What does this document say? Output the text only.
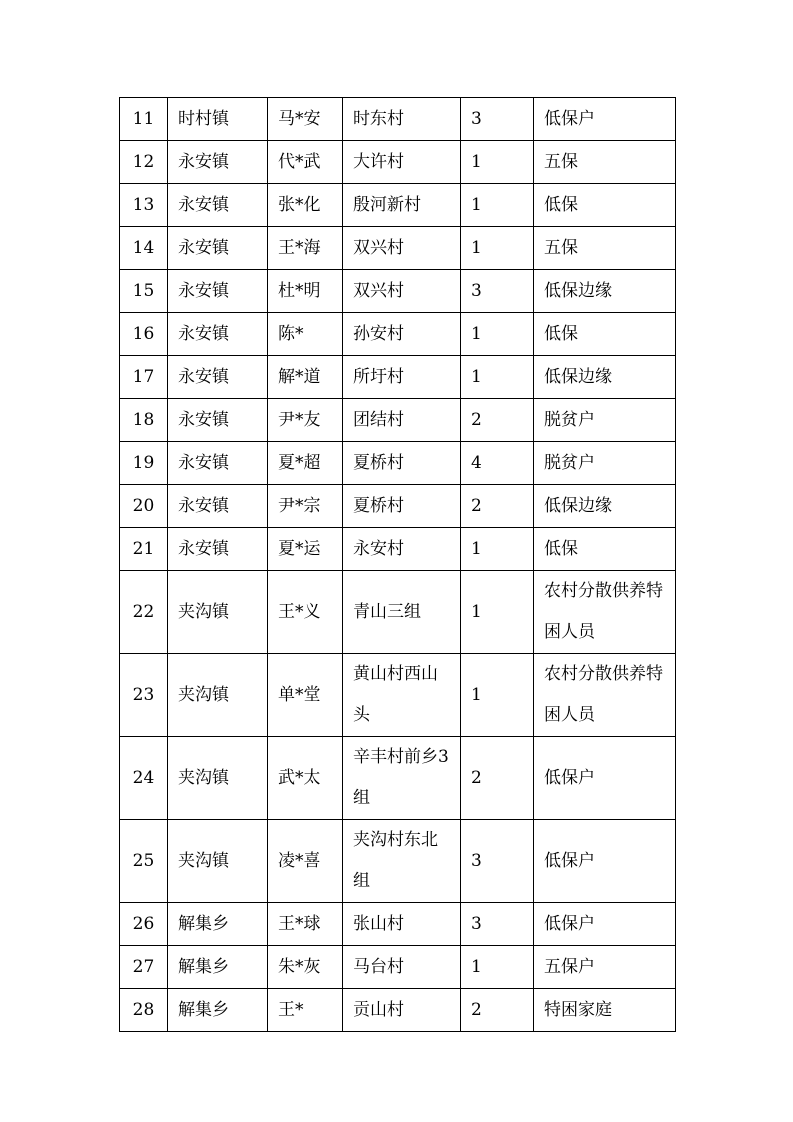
11	时村镇	马*安	时东村	3	低保户
12	永安镇	代*武	大许村	1	五保
13	永安镇	张*化	殷河新村	1	低保
14	永安镇	王*海	双兴村	1	五保
15	永安镇	杜*明	双兴村	3	低保边缘
16	永安镇	陈*	孙安村	1	低保
17	永安镇	解*道	所圩村	1	低保边缘
18	永安镇	尹*友	团结村	2	脱贫户
19	永安镇	夏*超	夏桥村	4	脱贫户
20	永安镇	尹*宗	夏桥村	2	低保边缘
21	永安镇	夏*运	永安村	1	低保
22	夹沟镇	王*义	青山三组	1	农村分散供养特困人员
23	夹沟镇	单*堂	黄山村西山头	1	农村分散供养特困人员
24	夹沟镇	武*太	辛丰村前乡3组	2	低保户
25	夹沟镇	凌*喜	夹沟村东北组	3	低保户
26	解集乡	王*球	张山村	3	低保户
27	解集乡	朱*灰	马台村	1	五保户
28	解集乡	王*	贡山村	2	特困家庭
